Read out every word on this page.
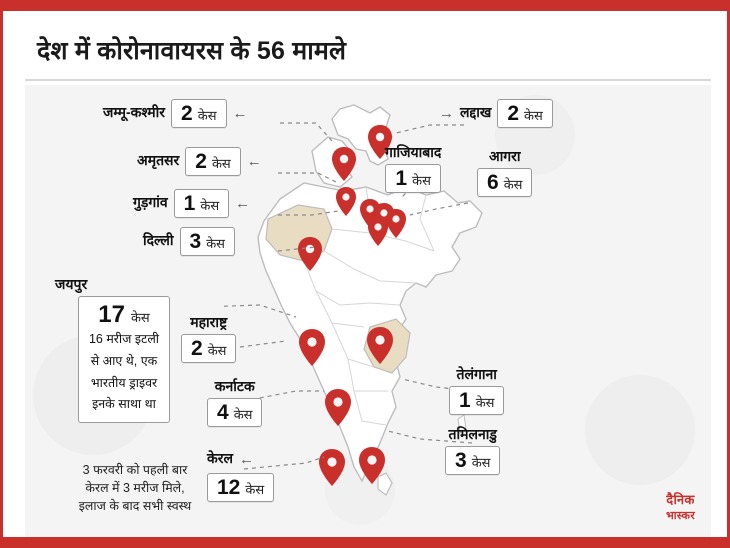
देश में कोरोनावायरस के 56 मामले
जम्मू-कश्मीर 2 केस ←
अमृतसर 2 केस ←
गुड़गांव 1 केस ←
दिल्ली 3 केस
→ लद्दाख 2 केस
गाजियाबाद
1 केस
आगरा
6 केस
जयपुर
17 केस
16 मरीज इटली
से आए थे, एक
भारतीय ड्राइवर
इनके साथा था
महाराष्ट्र
2 केस
कर्नाटक
4 केस
केरल ←
12 केस
तेलंगाना
1 केस
तमिलनाडु
3 केस
3 फरवरी को पहली बार
केरल में 3 मरीज मिले,
इलाज के बाद सभी स्वस्थ	दैनिक
भास्कर
